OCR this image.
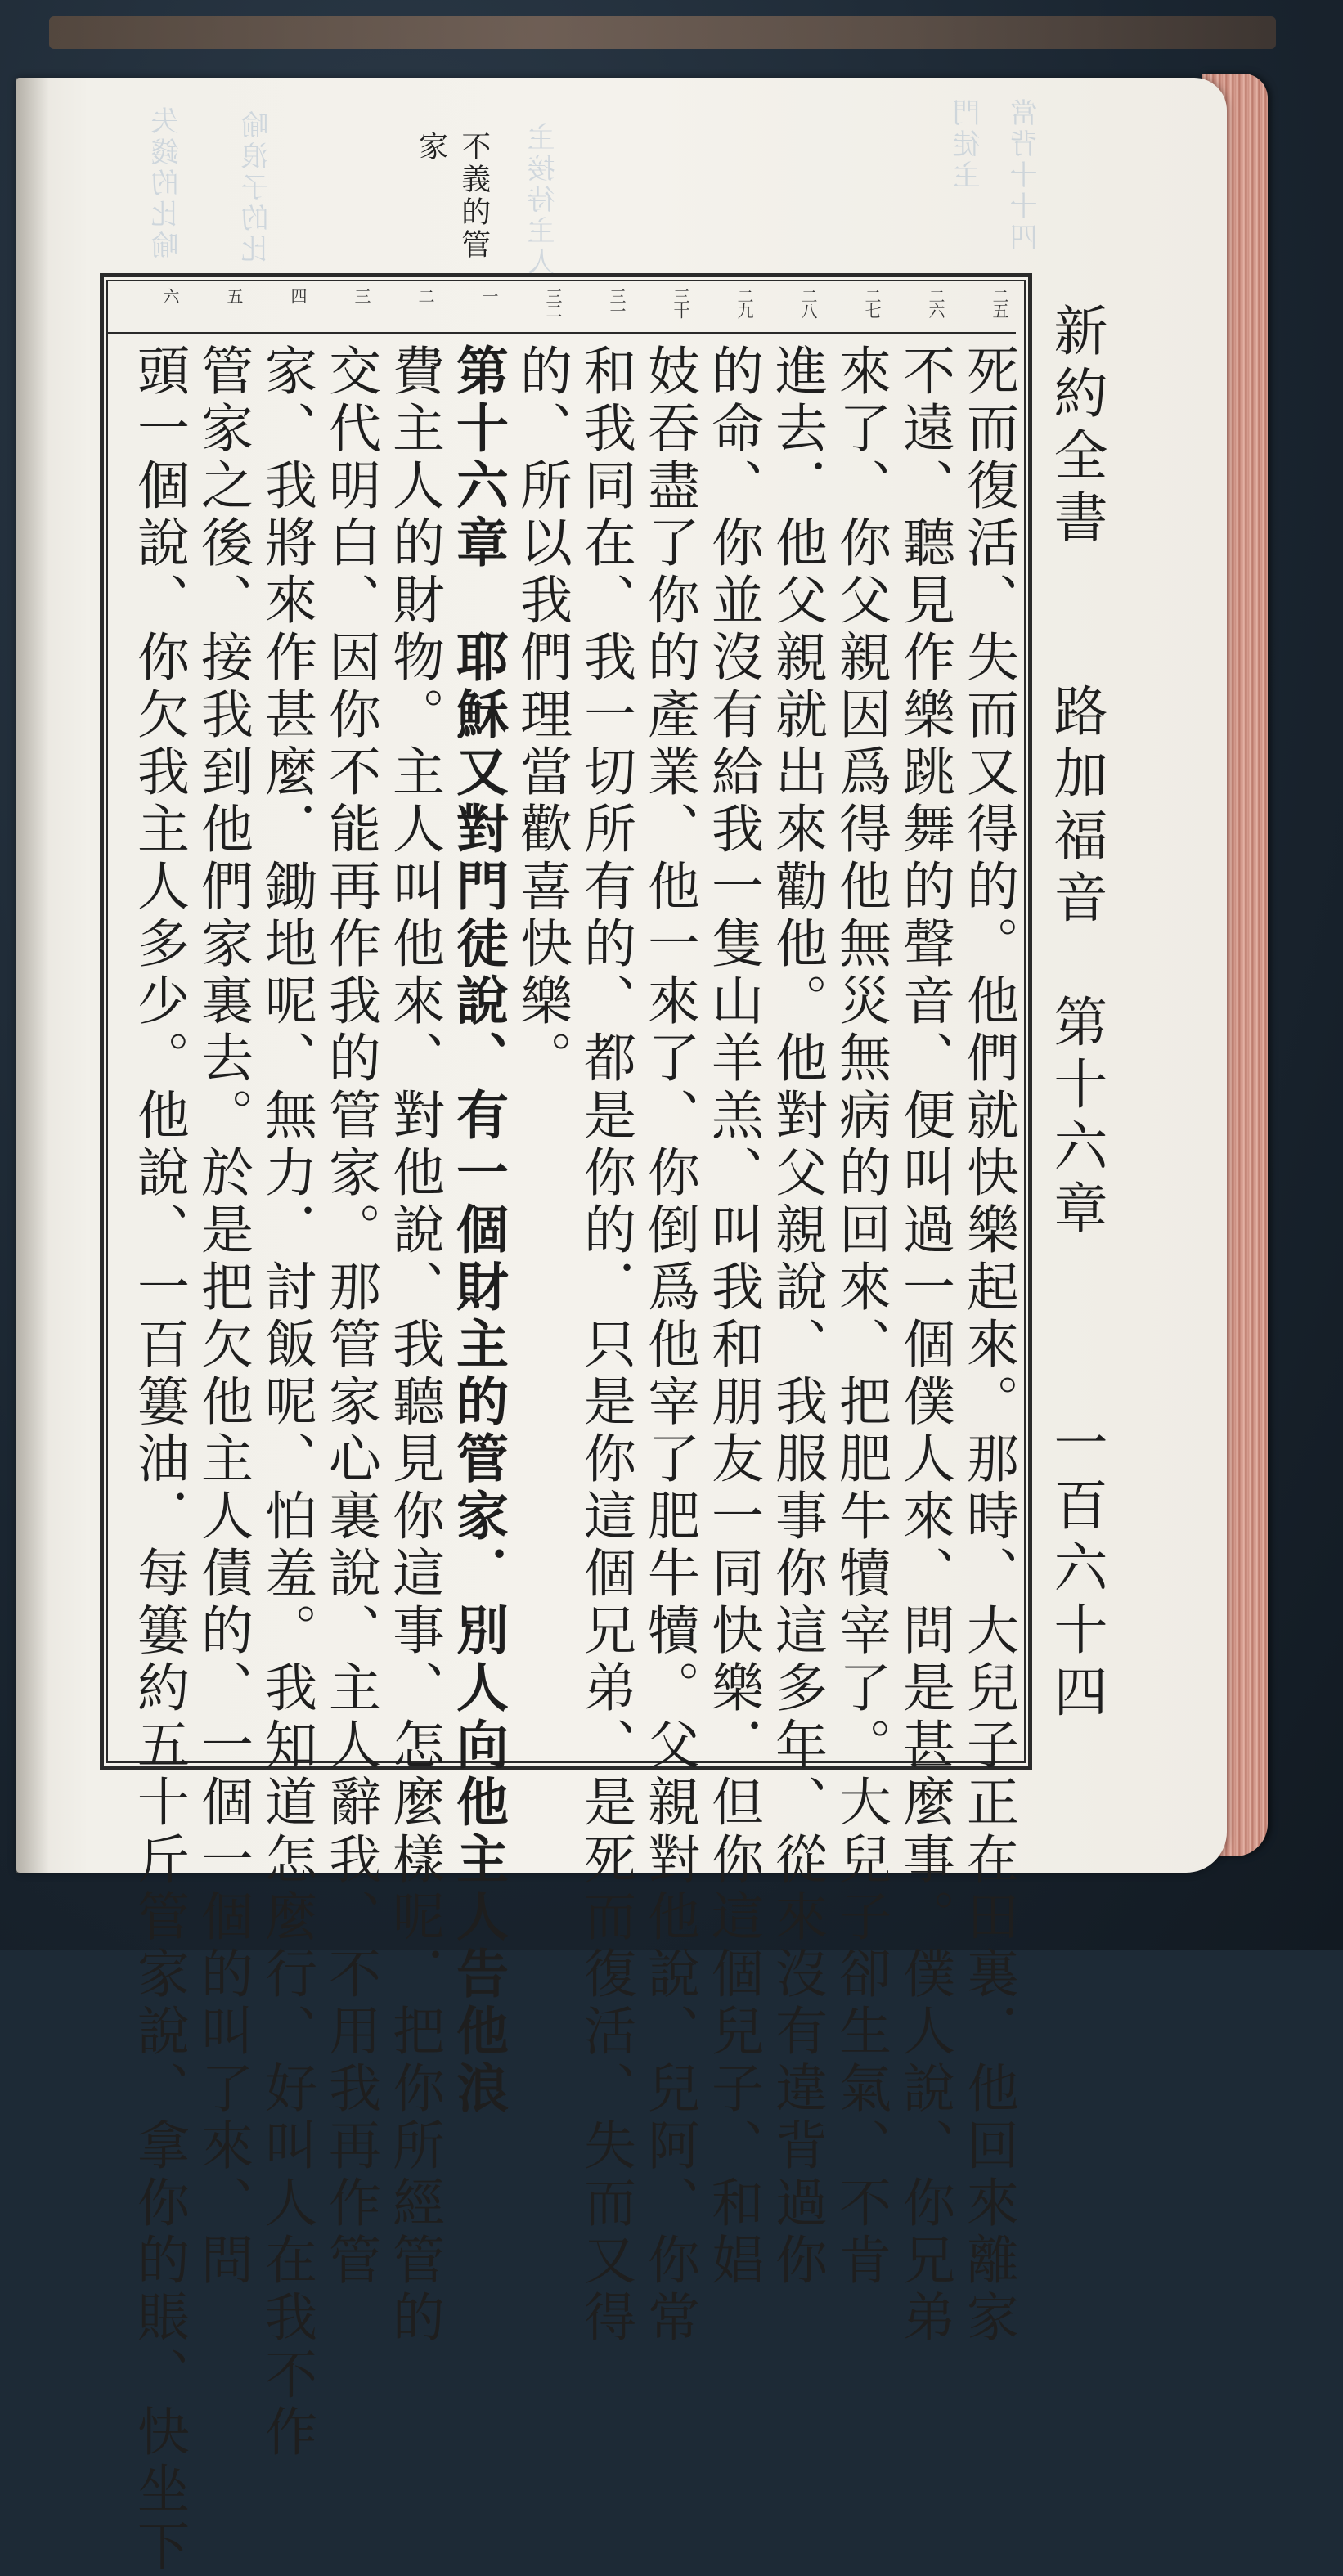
失錢的比喻 喻浪子的比	主接待主人	門徒主 當背十十四
不義的管
家
新約全書
路加福音
第十六章
一百六十四
二五
二六
二七
二八
二九
三十
三一
三二
一
二
三
四
五
六
死而復活、失而又得的。他們就快樂起來。那時、大兒子正在田裏．他回來離家
不遠、聽見作樂跳舞的聲音、便叫過一個僕人來、問是甚麼事。僕人說、你兄弟
來了、你父親因爲得他無災無病的回來、把肥牛犢宰了。大兒子卻生氣、不肯
進去．他父親就出來勸他。他對父親說、我服事你這多年、從來沒有違背過你
的命、你並沒有給我一隻山羊羔、叫我和朋友一同快樂．但你這個兒子、和娼
妓吞盡了你的產業、他一來了、你倒爲他宰了肥牛犢。父親對他說、兒阿、你常
和我同在、我一切所有的、都是你的．只是你這個兄弟、是死而復活、失而又得
的、所以我們理當歡喜快樂。
第十六章　耶穌又對門徒說、有一個財主的管家．別人向他主人告他浪
費主人的財物。主人叫他來、對他說、我聽見你這事、怎麼樣呢．把你所經管的
交代明白、因你不能再作我的管家。那管家心裏說、主人辭我、不用我再作管
家、我將來作甚麼．鋤地呢、無力．討飯呢、怕羞。我知道怎麼行、好叫人在我不作
管家之後、接我到他們家裏去。於是把欠他主人債的、一個一個的叫了來、問
頭一個說、你欠我主人多少。他說、一百簍油．每簍約五十斤管家說、拿你的賬、快坐下
